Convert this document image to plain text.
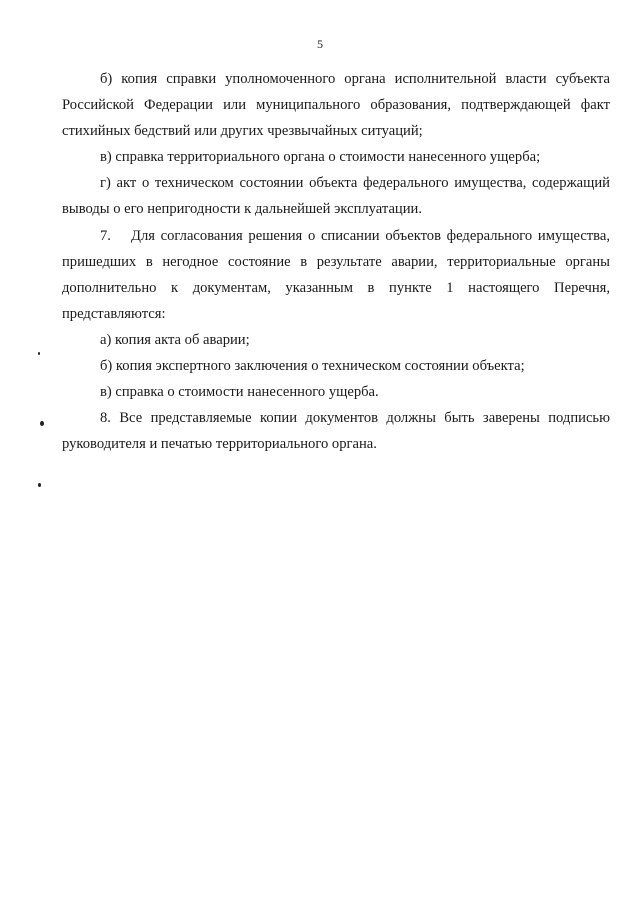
5

б) копия справки уполномоченного органа исполнительной власти субъекта Российской Федерации или муниципального образования, подтверждающей факт стихийных бедствий или других чрезвычайных ситуаций;

в) справка территориального органа о стоимости нанесенного ущерба;

г) акт о техническом состоянии объекта федерального имущества, содержащий выводы о его непригодности к дальнейшей эксплуатации.

7. Для согласования решения о списании объектов федерального имущества, пришедших в негодное состояние в результате аварии, территориальные органы дополнительно к документам, указанным в пункте 1 настоящего Перечня, представляются:

а) копия акта об аварии;

б) копия экспертного заключения о техническом состоянии объекта;

в) справка о стоимости нанесенного ущерба.

8. Все представляемые копии документов должны быть заверены подписью руководителя и печатью территориального органа.
